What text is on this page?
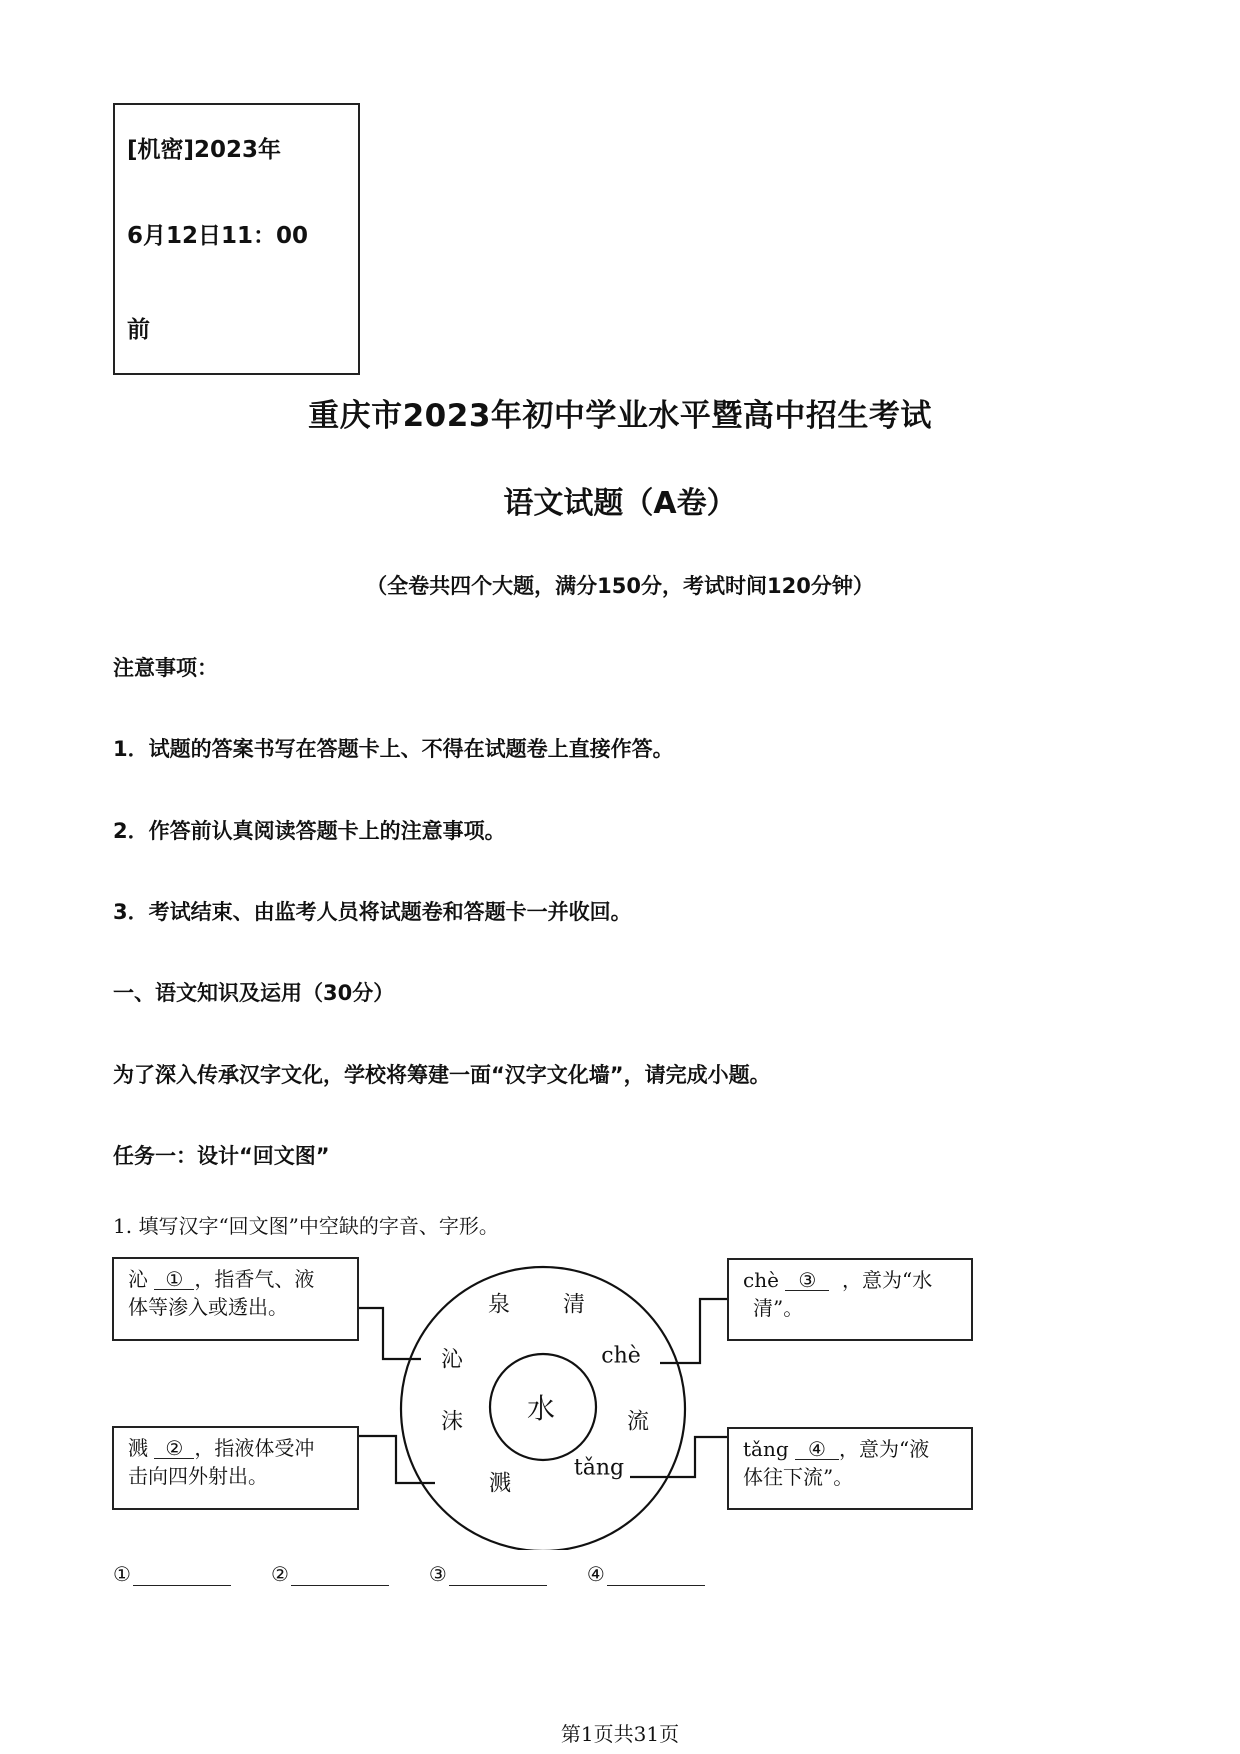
[机密]2023年
6月12日11：00
前
重庆市2023年初中学业水平暨高中招生考试
语文试题（A卷）
（全卷共四个大题，满分150分，考试时间120分钟）
注意事项：
1．试题的答案书写在答题卡上、不得在试题卷上直接作答。
2．作答前认真阅读答题卡上的注意事项。
3．考试结束、由监考人员将试题卷和答题卡一并收回。
一、语文知识及运用（30分）
为了深入传承汉字文化，学校将筹建一面“汉字文化墙”，请完成小题。
任务一：设计“回文图”
1. 填写汉字“回文图”中空缺的字音、字形。
泉 清
沁	chè
水
沫	流
tǎng
溅
沁 ① ，指香气、液
体等渗入或透出。
溅 ② ，指液体受冲
击向四外射出。
chè ③ ，意为“水
清”。
tǎng ④ ，意为“液
体往下流”。
①	②	③	④
第1页共31页
